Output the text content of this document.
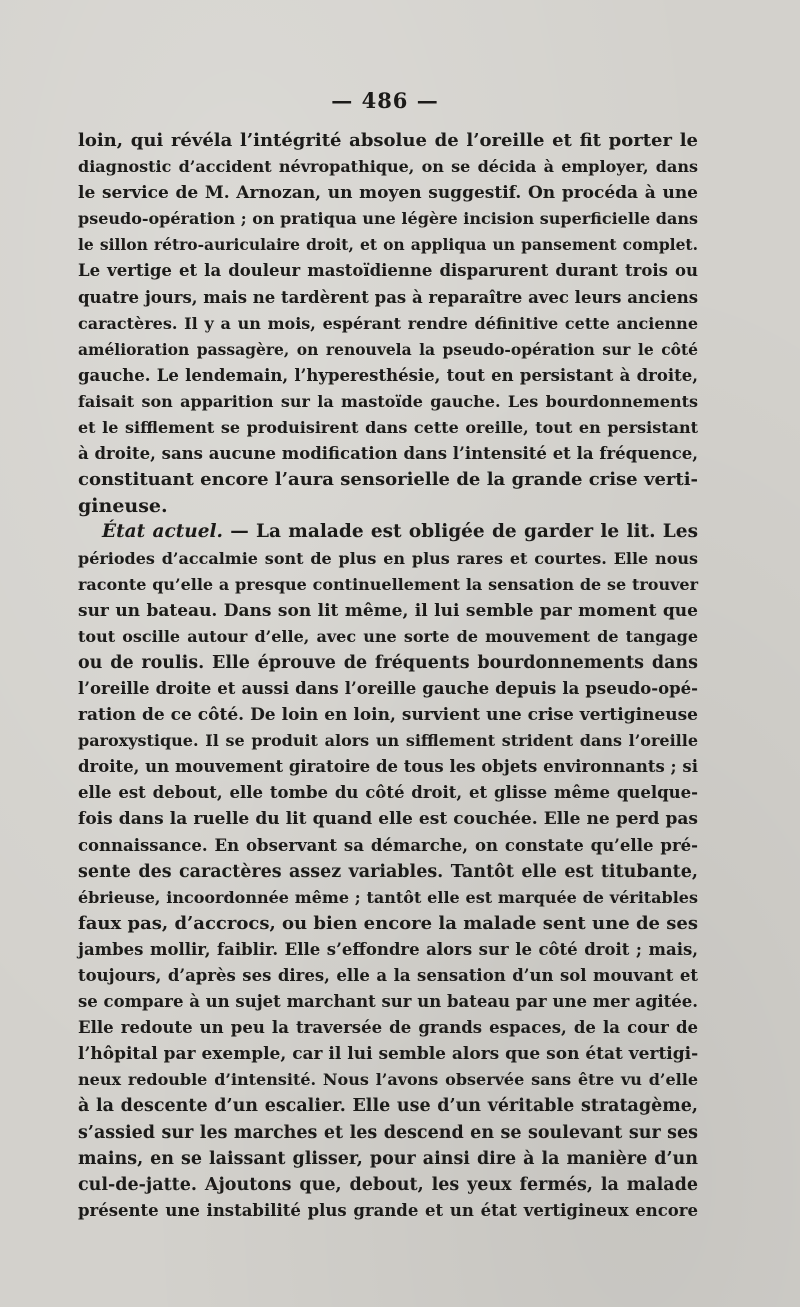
— 486 —

loin, qui révéla l’intégrité absolue de l’oreille et fit porter le
diagnostic d’accident névropathique, on se décida à employer, dans
le service de M. Arnozan, un moyen suggestif. On procéda à une
pseudo-opération ; on pratiqua une légère incision superficielle dans
le sillon rétro-auriculaire droit, et on appliqua un pansement complet.
Le vertige et la douleur mastoïdienne disparurent durant trois ou
quatre jours, mais ne tardèrent pas à reparaître avec leurs anciens
caractères. Il y a un mois, espérant rendre définitive cette ancienne
amélioration passagère, on renouvela la pseudo-opération sur le côté
gauche. Le lendemain, l’hyperesthésie, tout en persistant à droite,
faisait son apparition sur la mastoïde gauche. Les bourdonnements
et le sifflement se produisirent dans cette oreille, tout en persistant
à droite, sans aucune modification dans l’intensité et la fréquence,
constituant encore l’aura sensorielle de la grande crise verti-
gineuse.
État actuel. — La malade est obligée de garder le lit. Les
périodes d’accalmie sont de plus en plus rares et courtes. Elle nous
raconte qu’elle a presque continuellement la sensation de se trouver
sur un bateau. Dans son lit même, il lui semble par moment que
tout oscille autour d’elle, avec une sorte de mouvement de tangage
ou de roulis. Elle éprouve de fréquents bourdonnements dans
l’oreille droite et aussi dans l’oreille gauche depuis la pseudo-opé-
ration de ce côté. De loin en loin, survient une crise vertigineuse
paroxystique. Il se produit alors un sifflement strident dans l’oreille
droite, un mouvement giratoire de tous les objets environnants ; si
elle est debout, elle tombe du côté droit, et glisse même quelque-
fois dans la ruelle du lit quand elle est couchée. Elle ne perd pas
connaissance. En observant sa démarche, on constate qu’elle pré-
sente des caractères assez variables. Tantôt elle est titubante,
ébrieuse, incoordonnée même ; tantôt elle est marquée de véritables
faux pas, d’accrocs, ou bien encore la malade sent une de ses
jambes mollir, faiblir. Elle s’effondre alors sur le côté droit ; mais,
toujours, d’après ses dires, elle a la sensation d’un sol mouvant et
se compare à un sujet marchant sur un bateau par une mer agitée.
Elle redoute un peu la traversée de grands espaces, de la cour de
l’hôpital par exemple, car il lui semble alors que son état vertigi-
neux redouble d’intensité. Nous l’avons observée sans être vu d’elle
à la descente d’un escalier. Elle use d’un véritable stratagème,
s’assied sur les marches et les descend en se soulevant sur ses
mains, en se laissant glisser, pour ainsi dire à la manière d’un
cul-de-jatte. Ajoutons que, debout, les yeux fermés, la malade
présente une instabilité plus grande et un état vertigineux encore
